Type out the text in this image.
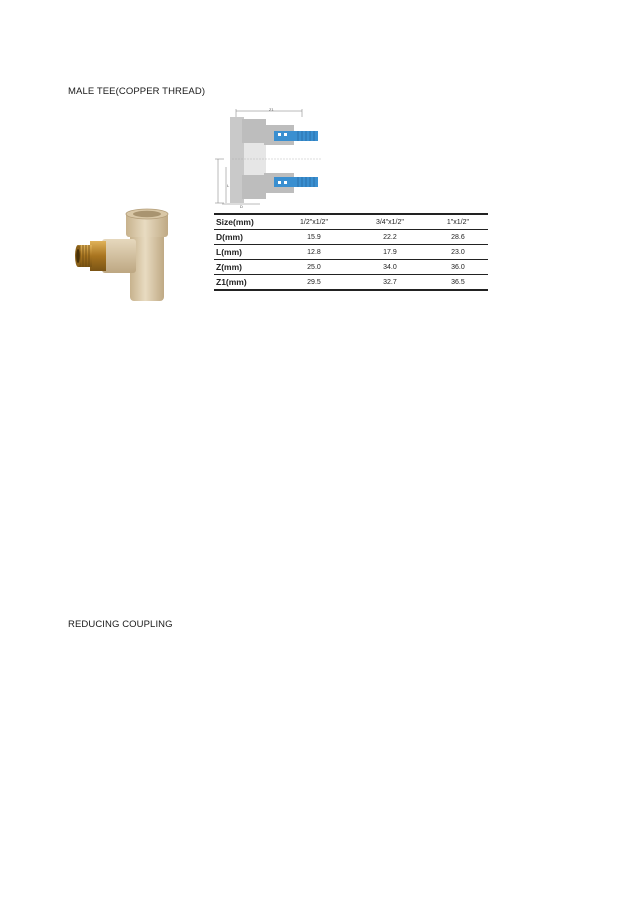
MALE TEE(COPPER THREAD)
Z1
L
D
Size(mm)	1/2"x1/2"	3/4"x1/2"	1"x1/2"
D(mm)	15.9	22.2	28.6
L(mm)	12.8	17.9	23.0
Z(mm)	25.0	34.0	36.0
Z1(mm)	29.5	32.7	36.5
REDUCING COUPLING
